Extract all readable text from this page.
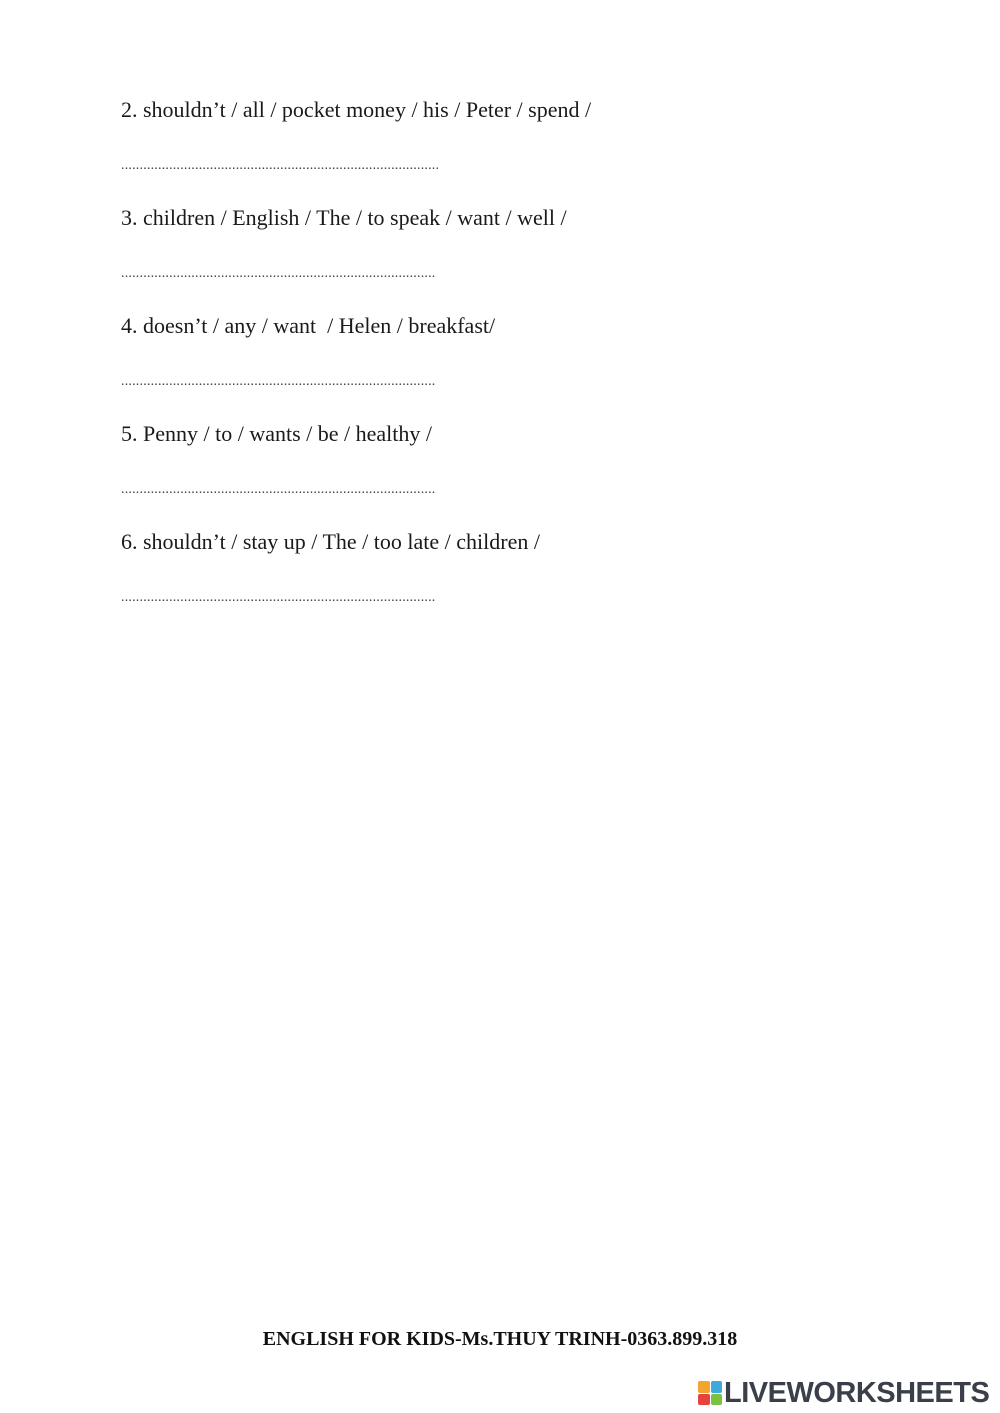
2. shouldn’t / all / pocket money / his / Peter / spend /
......................................................................................
3. children / English / The / to speak / want / well /
.....................................................................................
4. doesn’t / any / want  / Helen / breakfast/
.....................................................................................
5. Penny / to / wants / be / healthy /
.....................................................................................
6. shouldn’t / stay up / The / too late / children /
.....................................................................................
ENGLISH FOR KIDS-Ms.THUY TRINH-0363.899.318
LIVEWORKSHEETS
